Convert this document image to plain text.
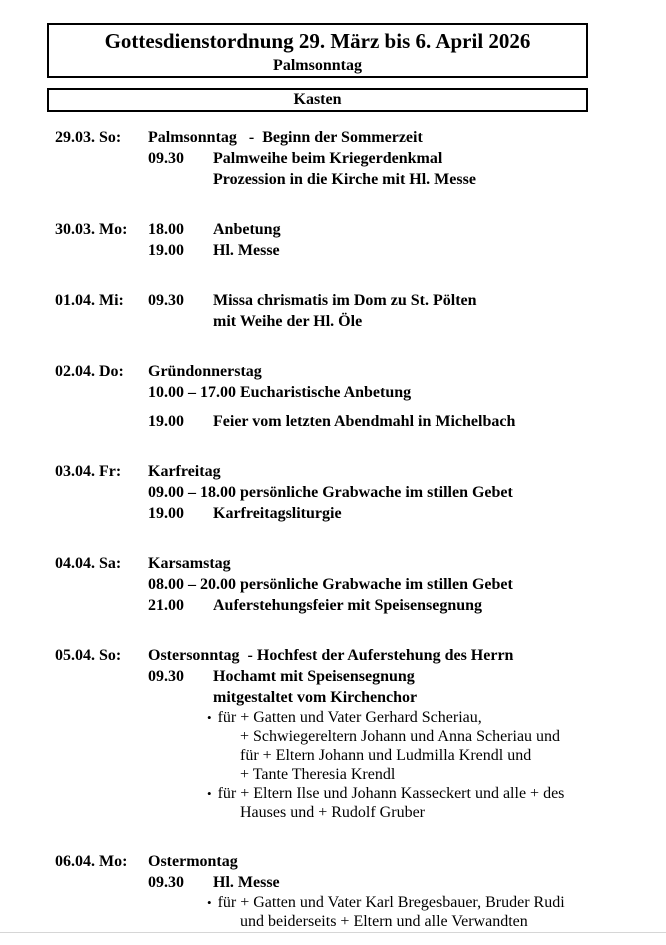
Gottesdienstordnung 29. März bis 6. April 2026
Palmsonntag
Kasten
29.03. So:	Palmsonntag   -  Beginn der Sommerzeit
09.30 Palmweihe beim Kriegerdenkmal
Prozession in die Kirche mit Hl. Messe
30.03. Mo:	18.00 Anbetung
19.00 Hl. Messe
01.04. Mi:	09.30 Missa chrismatis im Dom zu St. Pölten
mit Weihe der Hl. Öle
02.04. Do:	Gründonnerstag
10.00 – 17.00 Eucharistische Anbetung
19.00 Feier vom letzten Abendmahl in Michelbach
03.04. Fr:	Karfreitag
09.00 – 18.00 persönliche Grabwache im stillen Gebet
19.00 Karfreitagsliturgie
04.04. Sa:	Karsamstag
08.00 – 20.00 persönliche Grabwache im stillen Gebet
21.00 Auferstehungsfeier mit Speisensegnung
05.04. So:	Ostersonntag  - Hochfest der Auferstehung des Herrn
09.30 Hochamt mit Speisensegnung
mitgestaltet vom Kirchenchor
• für + Gatten und Vater Gerhard Scheriau,
+ Schwiegereltern Johann und Anna Scheriau und
für + Eltern Johann und Ludmilla Krendl und
+ Tante Theresia Krendl
• für + Eltern Ilse und Johann Kasseckert und alle + des
Hauses und + Rudolf Gruber
06.04. Mo:	Ostermontag
09.30 Hl. Messe
• für + Gatten und Vater Karl Bregesbauer, Bruder Rudi
und beiderseits + Eltern und alle Verwandten
